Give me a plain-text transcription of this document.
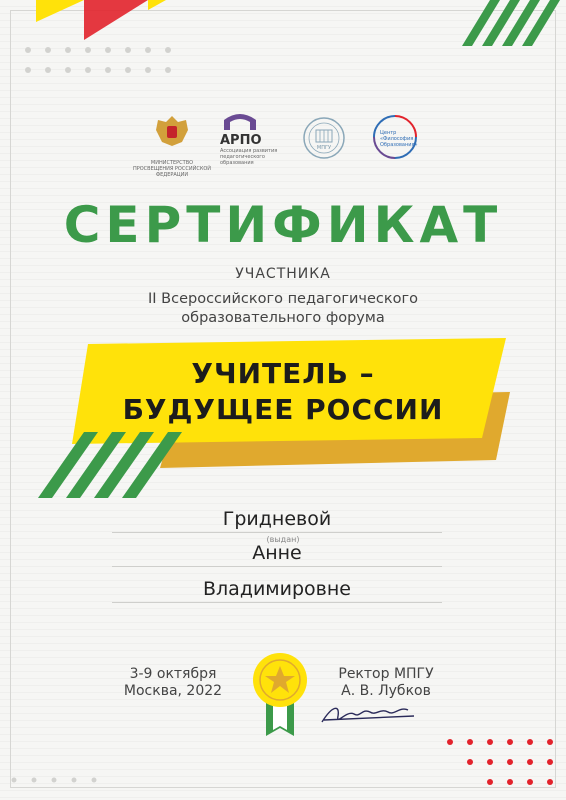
МИНИСТЕРСТВО ПРОСВЕЩЕНИЯ РОССИЙСКОЙ ФЕДЕРАЦИИ
АРПО
Ассоциация развития педагогического образования
МПГУ
Центр «Философия Образования»
СЕРТИФИКАТ
УЧАСТНИКА
II Всероссийского педагогического
образовательного форума
УЧИТЕЛЬ –
БУДУЩЕЕ РОССИИ
Гридневой
(выдан)
Анне
Владимировне
3-9 октября
Москва, 2022
Ректор МПГУ
А. В. Лубков
